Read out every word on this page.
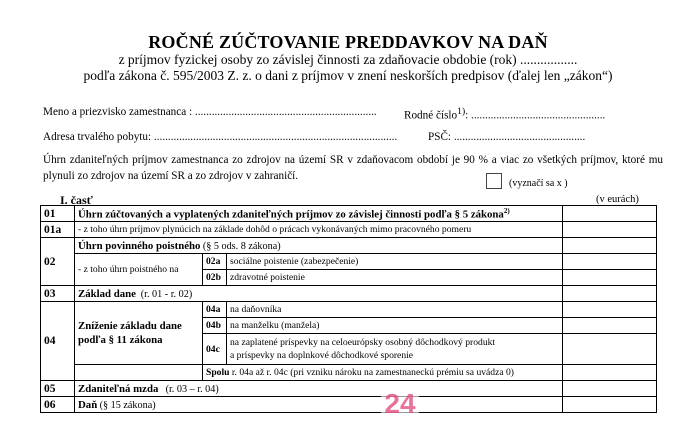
ROČNÉ ZÚČTOVANIE PREDDAVKOV NA DAŇ
z príjmov fyzickej osoby zo závislej činnosti za zdaňovacie obdobie (rok) .................
podľa zákona č. 595/2003 Z. z. o dani z príjmov v znení neskorších predpisov (ďalej len „zákon“)
Meno a priezvisko zamestnanca : ................................................................. Rodné číslo$^{1)}$: ................................................
Adresa trvalého pobytu: .......................................................................................	PSČ: ...............................................
Úhrn zdaniteľných príjmov zamestnanca zo zdrojov na území SR v zdaňovacom období je 90 % a viac zo všetkých príjmov, ktoré mu plynuli zo zdrojov na území SR a zo zdrojov v zahraničí.
(vyznačí sa x )
I. časť	(v eurách)
01	Úhrn zúčtovaných a vyplatených zdaniteľných príjmov zo závislej činnosti podľa § 5 zákona$^{2)}$	
01a	- z toho úhrn príjmov plynúcich na základe dohôd o prácach vykonávaných mimo pracovného pomeru			
02	Úhrn povinného poistného (§ 5 ods. 8 zákona)			
	- z toho úhrn poistného na	02a	sociálne poistenie (zabezpečenie)	
		02b	zdravotné poistenie	
03	Základ dane (r. 01 - r. 02)			
04	Zníženie základu dane
podľa § 11 zákona	04a	na daňovníka	
		04b	na manželku (manžela)	
		04c	na zaplatené príspevky na celoeurópsky osobný dôchodkový produkt
a príspevky na doplnkové dôchodkové sporenie	

		Spolu r. 04a až r. 04c (pri vzniku nároku na zamestnaneckú prémiu sa uvádza 0)		
05	Zdaniteľná mzda (r. 03 – r. 04)			
06	Daň (§ 15 zákona)				24
